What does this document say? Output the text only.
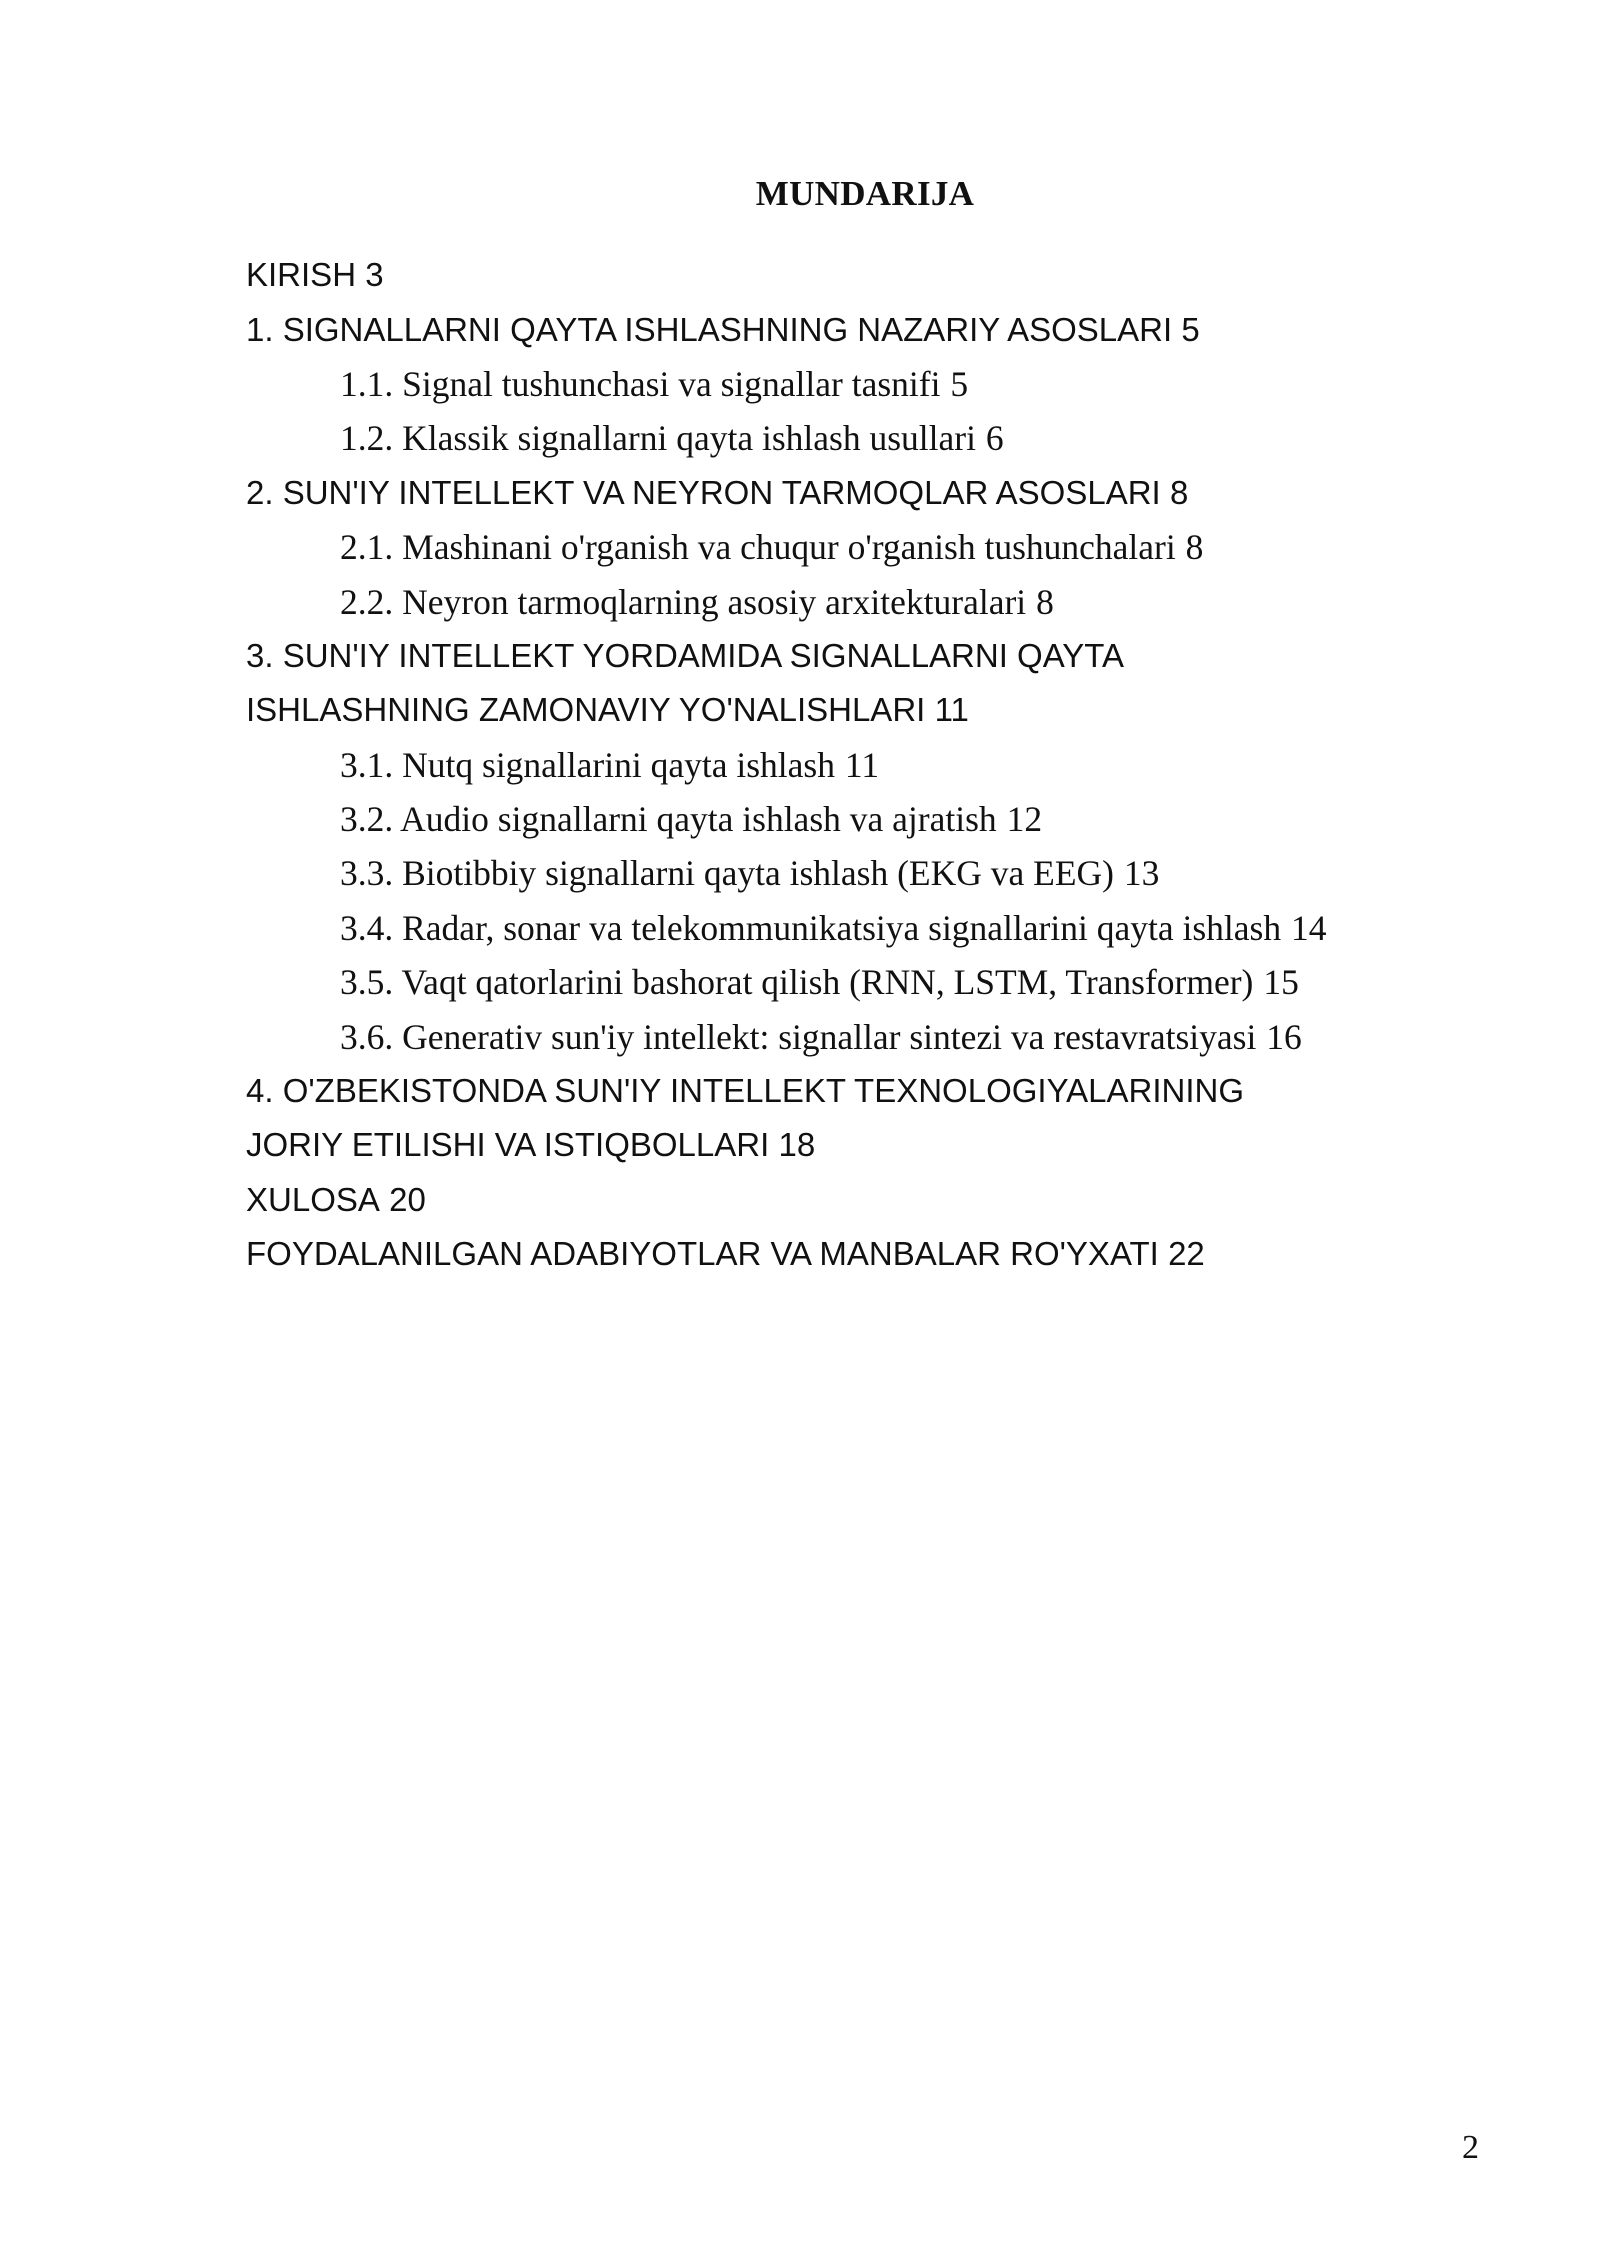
MUNDARIJA
KIRISH 3
1. SIGNALLARNI QAYTA ISHLASHNING NAZARIY ASOSLARI 5
1.1. Signal tushunchasi va signallar tasnifi 5
1.2. Klassik signallarni qayta ishlash usullari 6
2. SUN'IY INTELLEKT VA NEYRON TARMOQLAR ASOSLARI 8
2.1. Mashinani o'rganish va chuqur o'rganish tushunchalari 8
2.2. Neyron tarmoqlarning asosiy arxitekturalari 8
3. SUN'IY INTELLEKT YORDAMIDA SIGNALLARNI QAYTA
ISHLASHNING ZAMONAVIY YO'NALISHLARI 11
3.1. Nutq signallarini qayta ishlash 11
3.2. Audio signallarni qayta ishlash va ajratish 12
3.3. Biotibbiy signallarni qayta ishlash (EKG va EEG) 13
3.4. Radar, sonar va telekommunikatsiya signallarini qayta ishlash 14
3.5. Vaqt qatorlarini bashorat qilish (RNN, LSTM, Transformer) 15
3.6. Generativ sun'iy intellekt: signallar sintezi va restavratsiyasi 16
4. O'ZBEKISTONDA SUN'IY INTELLEKT TEXNOLOGIYALARINING
JORIY ETILISHI VA ISTIQBOLLARI 18
XULOSA 20
FOYDALANILGAN ADABIYOTLAR VA MANBALAR RO'YXATI 22
2
